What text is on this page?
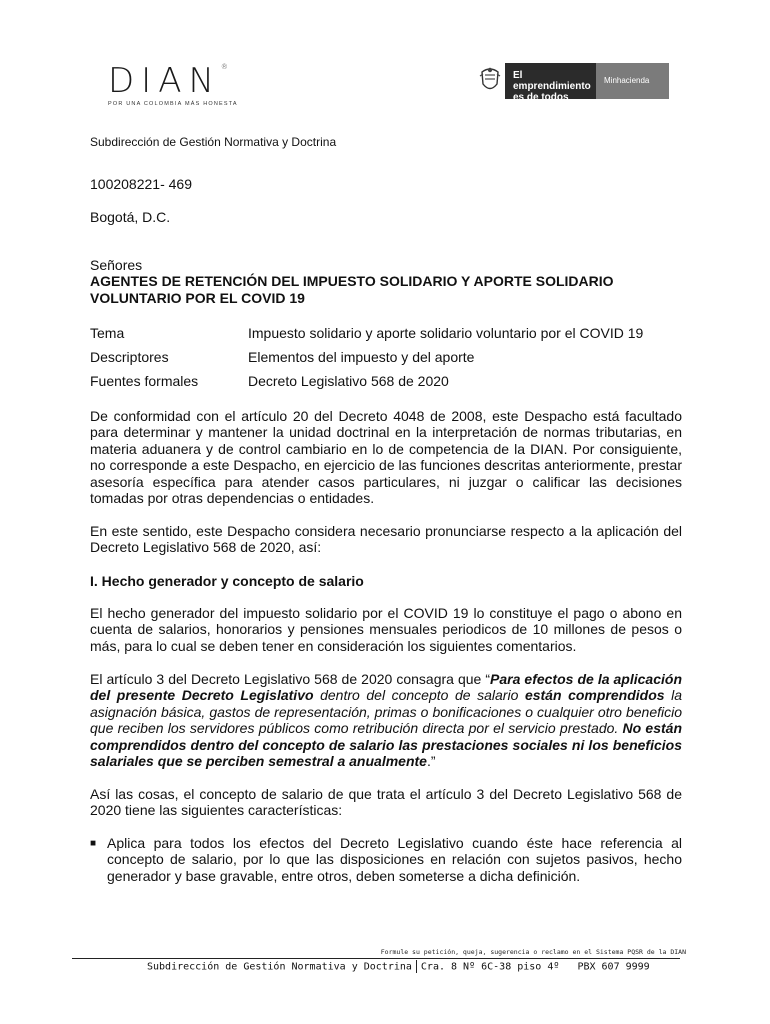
DIAN®
POR UNA COLOMBIA MÁS HONESTA
El emprendimiento
es de todos
Minhacienda
Subdirección de Gestión Normativa y Doctrina
100208221- 469
Bogotá, D.C.
Señores
AGENTES DE RETENCIÓN DEL IMPUESTO SOLIDARIO Y APORTE SOLIDARIO VOLUNTARIO POR EL COVID 19
Tema	Impuesto solidario y aporte solidario voluntario por el COVID 19
Descriptores	Elementos del impuesto y del aporte
Fuentes formales	Decreto Legislativo 568 de 2020
De conformidad con el artículo 20 del Decreto 4048 de 2008, este Despacho está facultado para determinar y mantener la unidad doctrinal en la interpretación de normas tributarias, en materia aduanera y de control cambiario en lo de competencia de la DIAN. Por consiguiente, no corresponde a este Despacho, en ejercicio de las funciones descritas anteriormente, prestar asesoría específica para atender casos particulares, ni juzgar o calificar las decisiones tomadas por otras dependencias o entidades.
En este sentido, este Despacho considera necesario pronunciarse respecto a la aplicación del Decreto Legislativo 568 de 2020, así:
I. Hecho generador y concepto de salario
El hecho generador del impuesto solidario por el COVID 19 lo constituye el pago o abono en cuenta de salarios, honorarios y pensiones mensuales periodicos de 10 millones de pesos o más, para lo cual se deben tener en consideración los siguientes comentarios.
El artículo 3 del Decreto Legislativo 568 de 2020 consagra que “Para efectos de la aplicación del presente Decreto Legislativo dentro del concepto de salario están comprendidos la asignación básica, gastos de representación, primas o bonificaciones o cualquier otro beneficio que reciben los servidores públicos como retribución directa por el servicio prestado. No están comprendidos dentro del concepto de salario las prestaciones sociales ni los beneficios salariales que se perciben semestral a anualmente.”
Así las cosas, el concepto de salario de que trata el artículo 3 del Decreto Legislativo 568 de 2020 tiene las siguientes características:
■ Aplica para todos los efectos del Decreto Legislativo cuando éste hace referencia al concepto de salario, por lo que las disposiciones en relación con sujetos pasivos, hecho generador y base gravable, entre otros, deben someterse a dicha definición.
Formule su petición, queja, sugerencia o reclamo en el Sistema PQSR de la DIAN
Subdirección de Gestión Normativa y Doctrina Cra. 8 Nº 6C-38 piso 4º PBX 607 9999
